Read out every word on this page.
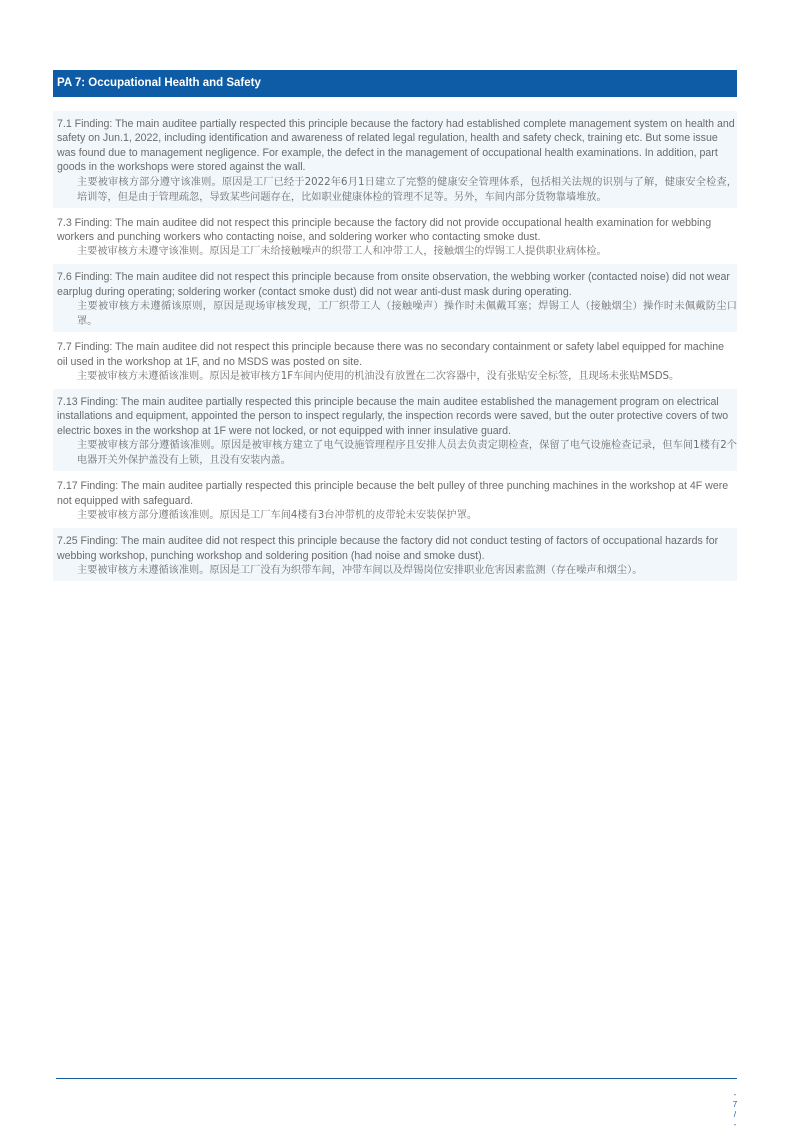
PA 7: Occupational Health and Safety

7.1 Finding: The main auditee partially respected this principle because the factory had established complete management system on health and safety on Jun.1, 2022, including identification and awareness of related legal regulation, health and safety check, training etc. But some issue was found due to management negligence. For example, the defect in the management of occupational health examinations. In addition, part goods in the workshops were stored against the wall.

主要被审核方部分遵守该准则。原因是工厂已经于2022年6月1日建立了完整的健康安全管理体系，包括相关法规的识别与了解，健康安全检查，培训等，但是由于管理疏忽，导致某些问题存在，比如职业健康体检的管理不足等。另外，车间内部分货物靠墙堆放。

7.3 Finding: The main auditee did not respect this principle because the factory did not provide occupational health examination for webbing workers and punching workers who contacting noise, and soldering worker who contacting smoke dust.

主要被审核方未遵守该准则。原因是工厂未给接触噪声的织带工人和冲带工人，接触烟尘的焊锡工人提供职业病体检。

7.6 Finding: The main auditee did not respect this principle because from onsite observation, the webbing worker (contacted noise) did not wear earplug during operating; soldering worker (contact smoke dust) did not wear anti-dust mask during operating.

主要被审核方未遵循该原则，原因是现场审核发现，工厂织带工人（接触噪声）操作时未佩戴耳塞；焊锡工人（接触烟尘）操作时未佩戴防尘口罩。

7.7 Finding: The main auditee did not respect this principle because there was no secondary containment or safety label equipped for machine oil used in the workshop at 1F, and no MSDS was posted on site.

主要被审核方未遵循该准则。原因是被审核方1F车间内使用的机油没有放置在二次容器中，没有张贴安全标签，且现场未张贴MSDS。

7.13 Finding: The main auditee partially respected this principle because the main auditee established the management program on electrical installations and equipment, appointed the person to inspect regularly, the inspection records were saved, but the outer protective covers of two electric boxes in the workshop at 1F were not locked, or not equipped with inner insulative guard.

主要被审核方部分遵循该准则。原因是被审核方建立了电气设施管理程序且安排人员去负责定期检查，保留了电气设施检查记录，但车间1楼有2个电器开关外保护盖没有上锁，且没有安装内盖。

7.17 Finding: The main auditee partially respected this principle because the belt pulley of three punching machines in the workshop at 4F were not equipped with safeguard.

主要被审核方部分遵循该准则。原因是工厂车间4楼有3台冲带机的皮带轮未安装保护罩。

7.25 Finding: The main auditee did not respect this principle because the factory did not conduct testing of factors of occupational hazards for webbing workshop, punching workshop and soldering position (had noise and smoke dust).

主要被审核方未遵循该准则。原因是工厂没有为织带车间，冲带车间以及焊锡岗位安排职业危害因素监测（存在噪声和烟尘）。

-
7
/
-
